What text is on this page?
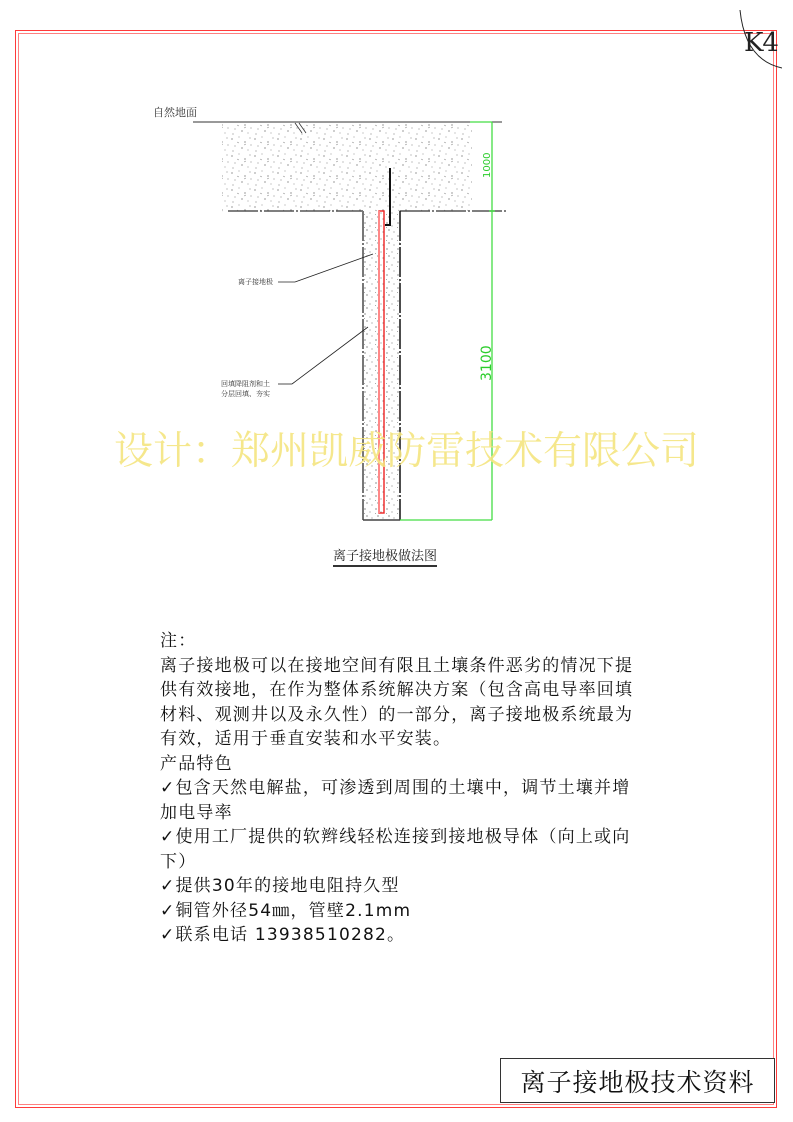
K4
自然地面
离子接地极
回填降阻剂和土
分层回填、夯实
1000
3100
设计：郑州凯威防雷技术有限公司
离子接地极做法图

注：

离子接地极可以在接地空间有限且土壤条件恶劣的情况下提供有效接地，在作为整体系统解决方案（包含高电导率回填材料、观测井以及永久性）的一部分，离子接地极系统最为有效，适用于垂直安装和水平安装。

产品特色

✓包含天然电解盐，可渗透到周围的土壤中，调节土壤并增加电导率

✓使用工厂提供的软辫线轻松连接到接地极导体（向上或向下）

✓提供30年的接地电阻持久型

✓铜管外径54㎜，管壁2.1mm

✓联系电话 13938510282。

离子接地极技术资料
